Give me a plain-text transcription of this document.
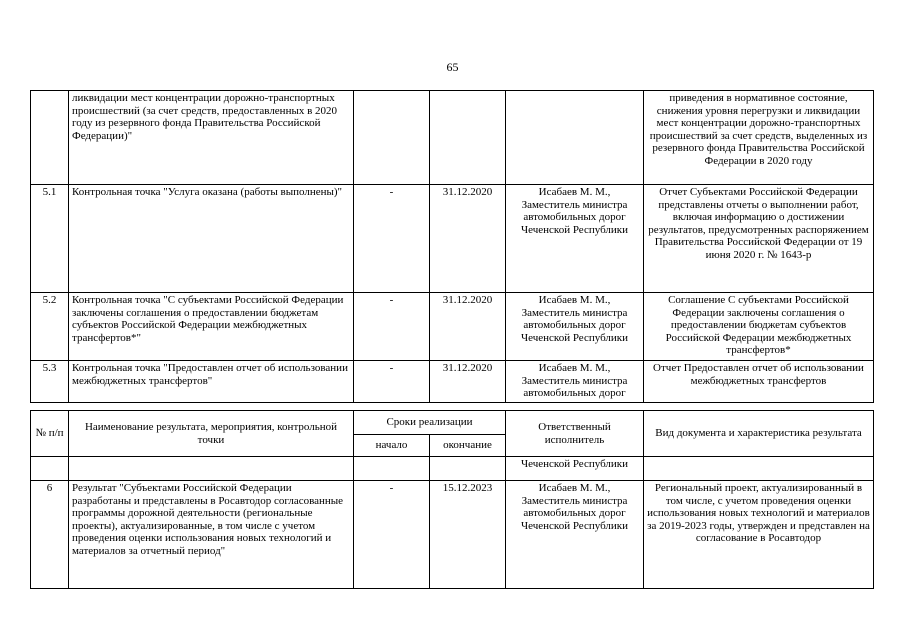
65
	ликвидации мест концентрации дорожно-транспортных происшествий (за счет средств, предоставленных в 2020 году из резервного фонда Правительства Российской Федерации)"				приведения в нормативное состояние, снижения уровня перегрузки и ликвидации мест концентрации дорожно-транспортных происшествий за счет средств, выделенных из резервного фонда Правительства Российской Федерации в 2020 году
5.1	Контрольная точка "Услуга оказана (работы выполнены)"	-	31.12.2020	Исабаев М. М., Заместитель министра автомобильных дорог Чеченской Республики	Отчет Субъектами Российской Федерации представлены отчеты о выполнении работ, включая информацию о достижении результатов, предусмотренных распоряжением Правительства Российской Федерации от 19 июня 2020 г. № 1643-р
5.2	Контрольная точка "С субъектами Российской Федерации заключены соглашения о предоставлении бюджетам субъектов Российской Федерации межбюджетных трансфертов*"	-	31.12.2020	Исабаев М. М., Заместитель министра автомобильных дорог Чеченской Республики	Соглашение С субъектами Российской Федерации заключены соглашения о предоставлении бюджетам субъектов Российской Федерации межбюджетных трансфертов*
5.3	Контрольная точка "Предоставлен отчет об использовании межбюджетных трансфертов"	-	31.12.2020	Исабаев М. М., Заместитель министра автомобильных дорог	Отчет Предоставлен отчет об использовании межбюджетных трансфертов
№ п/п	Наименование результата, мероприятия, контрольной точки	Сроки реализации		Ответственный исполнитель	Вид документа и характеристика результата
		начало	окончание		
				Чеченской Республики	
6	Результат "Субъектами Российской Федерации разработаны и представлены в Росавтодор согласованные программы дорожной деятельности (региональные проекты), актуализированные, в том числе с учетом проведения оценки использования новых технологий и материалов за отчетный период"	-	15.12.2023	Исабаев М. М., Заместитель министра автомобильных дорог Чеченской Республики	Региональный проект, актуализированный в том числе, с учетом проведения оценки использования новых технологий и материалов за 2019-2023 годы, утвержден и представлен на согласование в Росавтодор
